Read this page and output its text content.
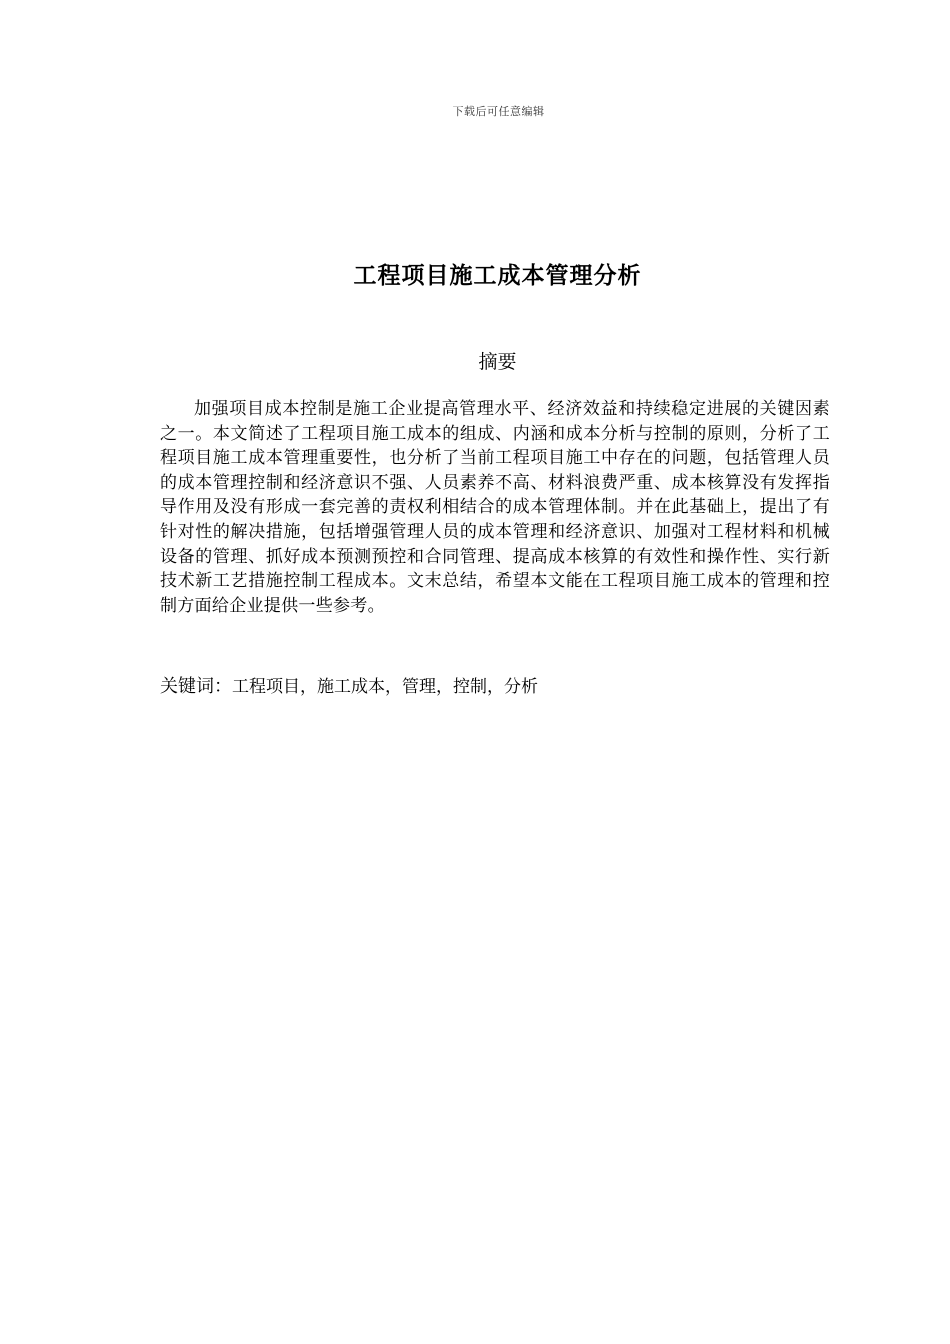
下载后可任意编辑
工程项目施工成本管理分析
摘要

加强项目成本控制是施工企业提高管理水平、经济效益和持续稳定进展的关键因素之一。本文简述了工程项目施工成本的组成、内涵和成本分析与控制的原则，分析了工程项目施工成本管理重要性，也分析了当前工程项目施工中存在的问题，包括管理人员的成本管理控制和经济意识不强、人员素养不高、材料浪费严重、成本核算没有发挥指导作用及没有形成一套完善的责权利相结合的成本管理体制。并在此基础上，提出了有针对性的解决措施，包括增强管理人员的成本管理和经济意识、加强对工程材料和机械设备的管理、抓好成本预测预控和合同管理、提高成本核算的有效性和操作性、实行新技术新工艺措施控制工程成本。文末总结，希望本文能在工程项目施工成本的管理和控制方面给企业提供一些参考。

关键词：工程项目，施工成本，管理，控制，分析
